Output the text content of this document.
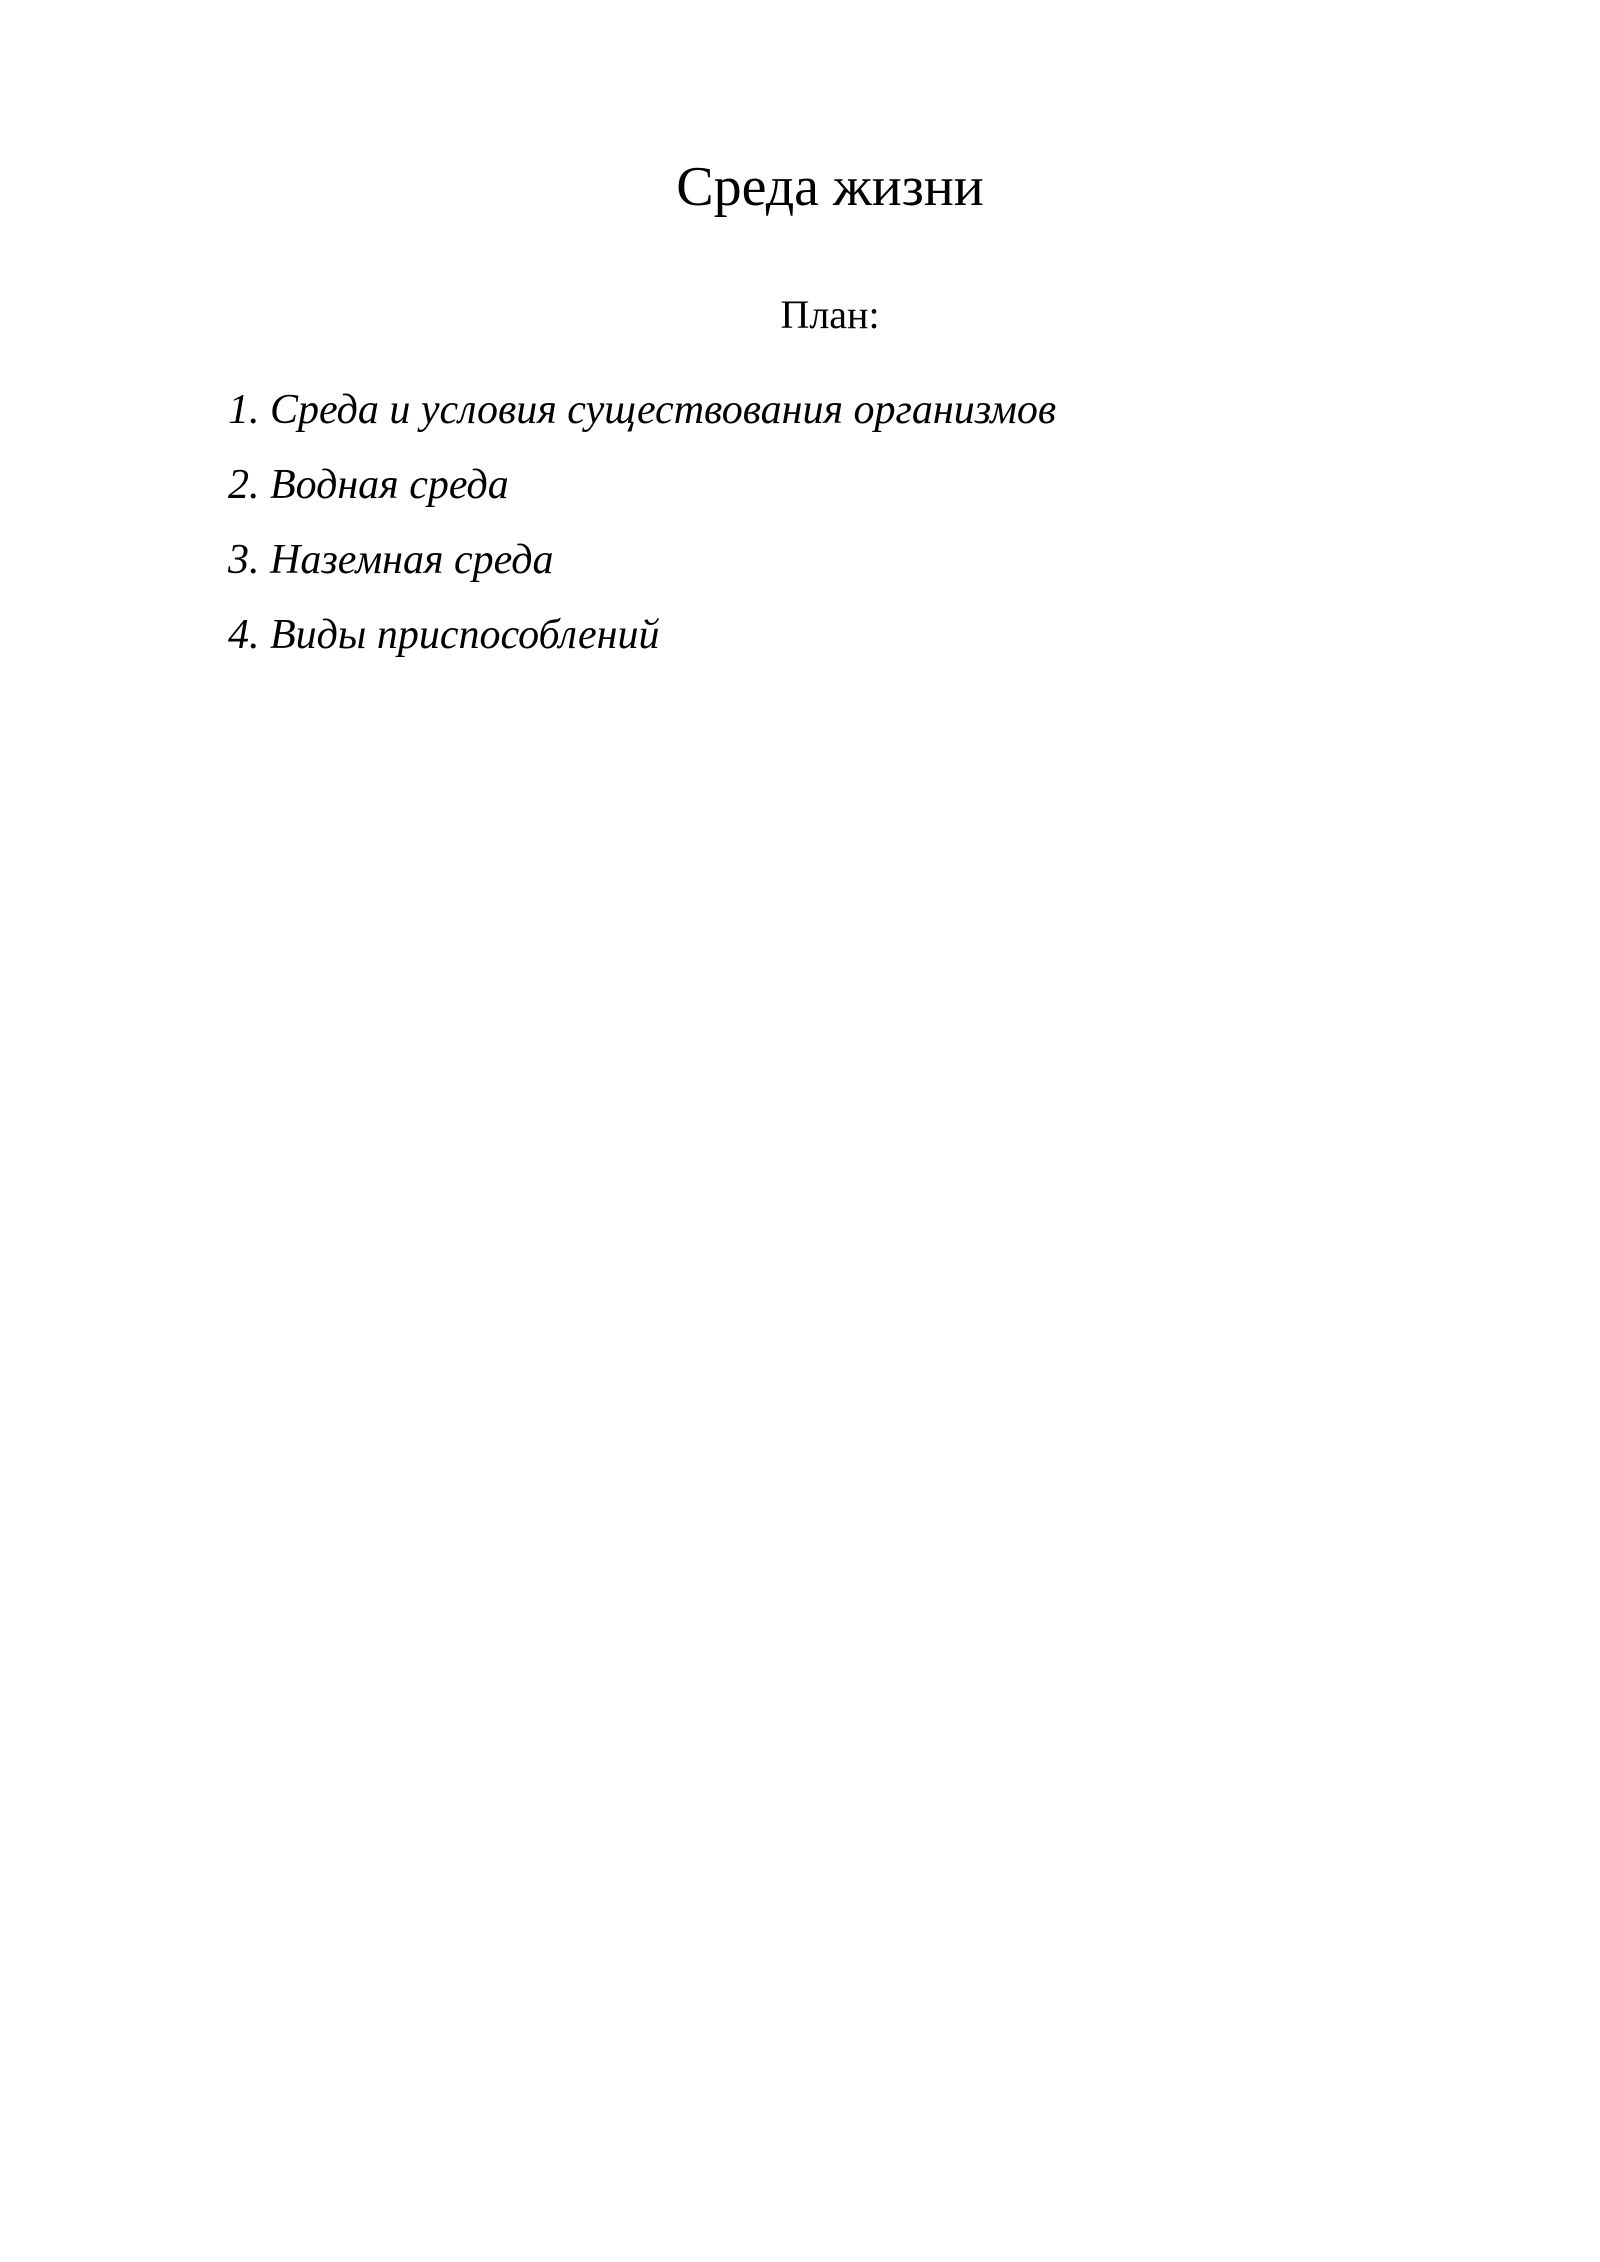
Среда жизни
План:
1. Среда и условия существования организмов
2. Водная среда
3. Наземная среда
4. Виды приспособлений
